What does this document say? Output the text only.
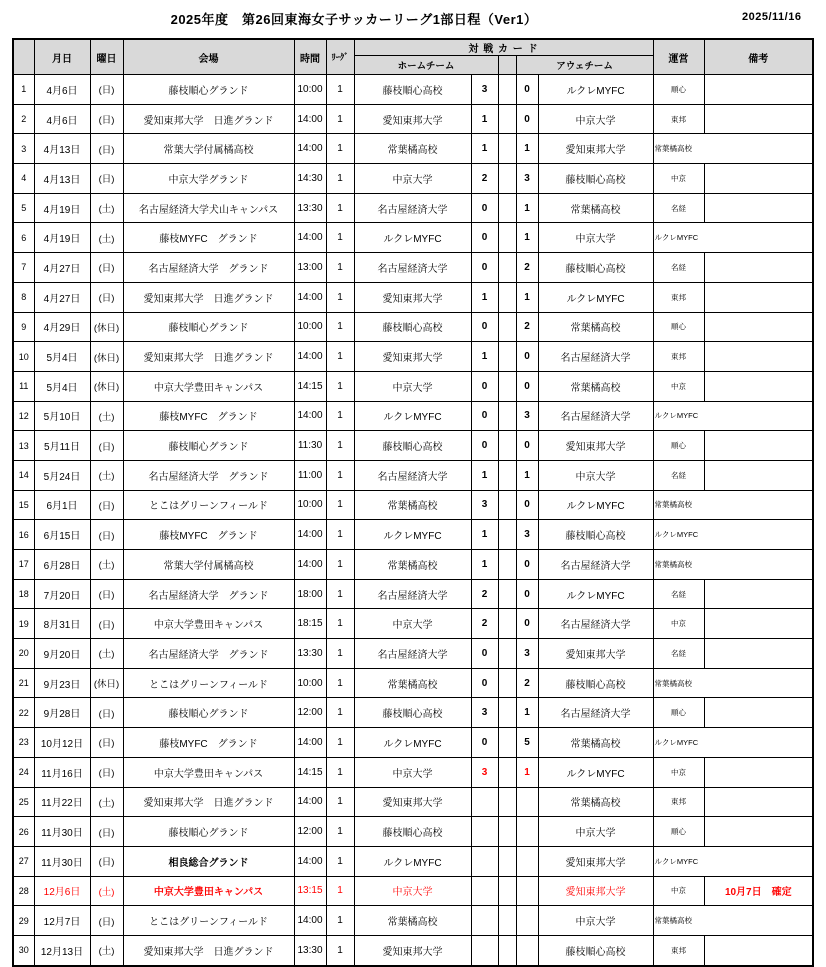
2025年度　第26回東海女子サッカーリーグ1部日程（Ver1）	2025/11/16
	月日	曜日	会場	時間	ﾘｰｸﾞ	対 戦 カ ー ド					運営	備考
						ホームチーム			アウェチーム			
1	4月6日	(日)	藤枝順心グランド	10:00	1	藤枝順心高校	3		0	ルクレMYFC	順心	
2	4月6日	(日)	愛知東邦大学　日進グランド	14:00	1	愛知東邦大学	1		0	中京大学	東邦	
3	4月13日	(日)	常葉大学付属橘高校	14:00	1	常葉橘高校	1		1	愛知東邦大学	常葉橘高校	
4	4月13日	(日)	中京大学グランド	14:30	1	中京大学	2		3	藤枝順心高校	中京	
5	4月19日	(土)	名古屋経済大学犬山キャンパス	13:30	1	名古屋経済大学	0		1	常葉橘高校	名経	
6	4月19日	(土)	藤枝MYFC　グランド	14:00	1	ルクレMYFC	0		1	中京大学	ルクレMYFC	
7	4月27日	(日)	名古屋経済大学　グランド	13:00	1	名古屋経済大学	0		2	藤枝順心高校	名経	
8	4月27日	(日)	愛知東邦大学　日進グランド	14:00	1	愛知東邦大学	1		1	ルクレMYFC	東邦	
9	4月29日	(休日)	藤枝順心グランド	10:00	1	藤枝順心高校	0		2	常葉橘高校	順心	
10	5月4日	(休日)	愛知東邦大学　日進グランド	14:00	1	愛知東邦大学	1		0	名古屋経済大学	東邦	
11	5月4日	(休日)	中京大学豊田キャンパス	14:15	1	中京大学	0		0	常葉橘高校	中京	
12	5月10日	(土)	藤枝MYFC　グランド	14:00	1	ルクレMYFC	0		3	名古屋経済大学	ルクレMYFC	
13	5月11日	(日)	藤枝順心グランド	11:30	1	藤枝順心高校	0		0	愛知東邦大学	順心	
14	5月24日	(土)	名古屋経済大学　グランド	11:00	1	名古屋経済大学	1		1	中京大学	名経	
15	6月1日	(日)	とこはグリーンフィールド	10:00	1	常葉橘高校	3		0	ルクレMYFC	常葉橘高校	
16	6月15日	(日)	藤枝MYFC　グランド	14:00	1	ルクレMYFC	1		3	藤枝順心高校	ルクレMYFC	
17	6月28日	(土)	常葉大学付属橘高校	14:00	1	常葉橘高校	1		0	名古屋経済大学	常葉橘高校	
18	7月20日	(日)	名古屋経済大学　グランド	18:00	1	名古屋経済大学	2		0	ルクレMYFC	名経	
19	8月31日	(日)	中京大学豊田キャンパス	18:15	1	中京大学	2		0	名古屋経済大学	中京	
20	9月20日	(土)	名古屋経済大学　グランド	13:30	1	名古屋経済大学	0		3	愛知東邦大学	名経	
21	9月23日	(休日)	とこはグリーンフィールド	10:00	1	常葉橘高校	0		2	藤枝順心高校	常葉橘高校	
22	9月28日	(日)	藤枝順心グランド	12:00	1	藤枝順心高校	3		1	名古屋経済大学	順心	
23	10月12日	(日)	藤枝MYFC　グランド	14:00	1	ルクレMYFC	0		5	常葉橘高校	ルクレMYFC	
24	11月16日	(日)	中京大学豊田キャンパス	14:15	1	中京大学	3		1	ルクレMYFC	中京	
25	11月22日	(土)	愛知東邦大学　日進グランド	14:00	1	愛知東邦大学				常葉橘高校	東邦	
26	11月30日	(日)	藤枝順心グランド	12:00	1	藤枝順心高校				中京大学	順心	
27	11月30日	(日)	相良総合グランド	14:00	1	ルクレMYFC				愛知東邦大学	ルクレMYFC	
28	12月6日	(土)	中京大学豊田キャンパス	13:15	1	中京大学				愛知東邦大学	中京	10月7日　確定
29	12月7日	(日)	とこはグリーンフィールド	14:00	1	常葉橘高校				中京大学	常葉橘高校	
30	12月13日	(土)	愛知東邦大学　日進グランド	13:30	1	愛知東邦大学				藤枝順心高校	東邦	
